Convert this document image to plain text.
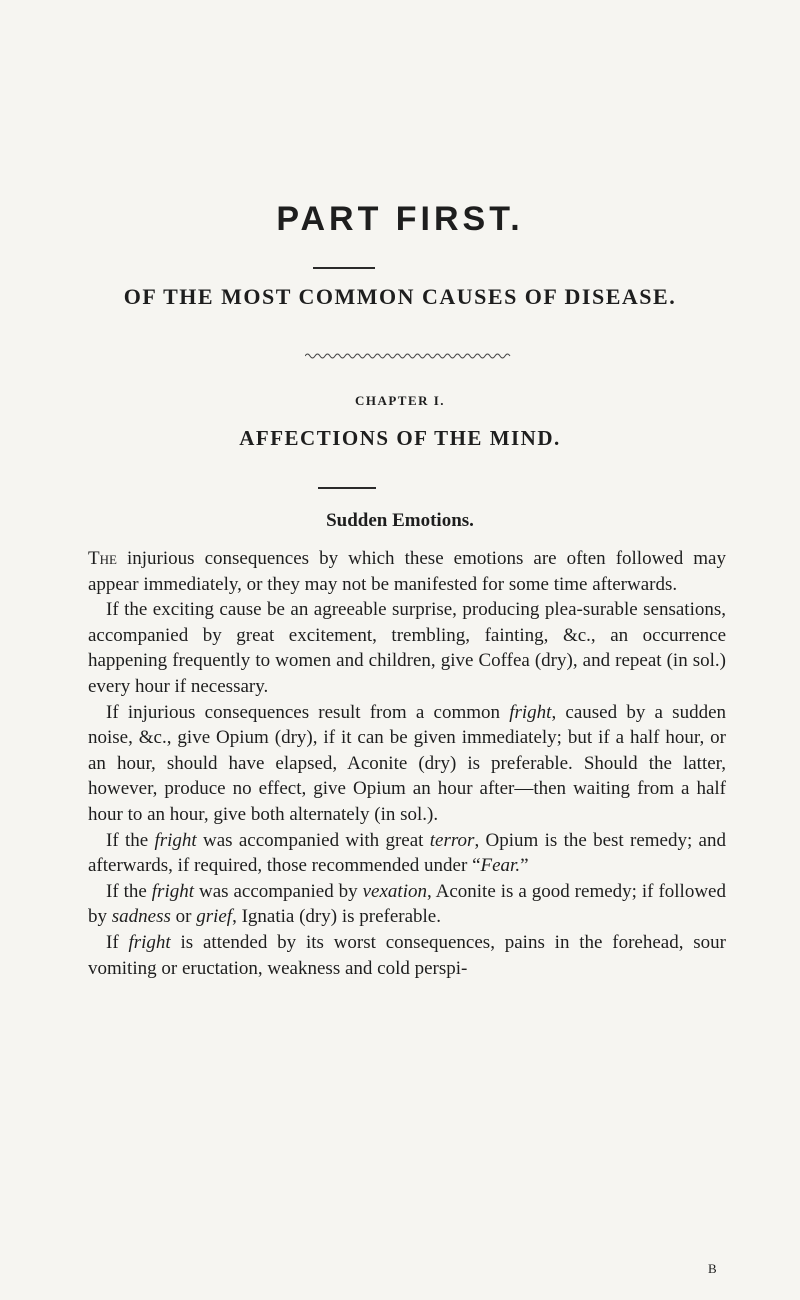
PART FIRST.
OF THE MOST COMMON CAUSES OF DISEASE.
CHAPTER I.
AFFECTIONS OF THE MIND.
Sudden Emotions.

The injurious consequences by which these emotions are often followed may appear immediately, or they may not be manifested for some time afterwards.

If the exciting cause be an agreeable surprise, producing plea-surable sensations, accompanied by great excitement, trembling, fainting, &c., an occurrence happening frequently to women and children, give Coffea (dry), and repeat (in sol.) every hour if necessary.

If injurious consequences result from a common fright, caused by a sudden noise, &c., give Opium (dry), if it can be given immediately; but if a half hour, or an hour, should have elapsed, Aconite (dry) is preferable. Should the latter, however, produce no effect, give Opium an hour after—then waiting from a half hour to an hour, give both alternately (in sol.).

If the fright was accompanied with great terror, Opium is the best remedy; and afterwards, if required, those recommended under “Fear.”

If the fright was accompanied by vexation, Aconite is a good remedy; if followed by sadness or grief, Ignatia (dry) is preferable.

If fright is attended by its worst consequences, pains in the forehead, sour vomiting or eructation, weakness and cold perspi-

B
